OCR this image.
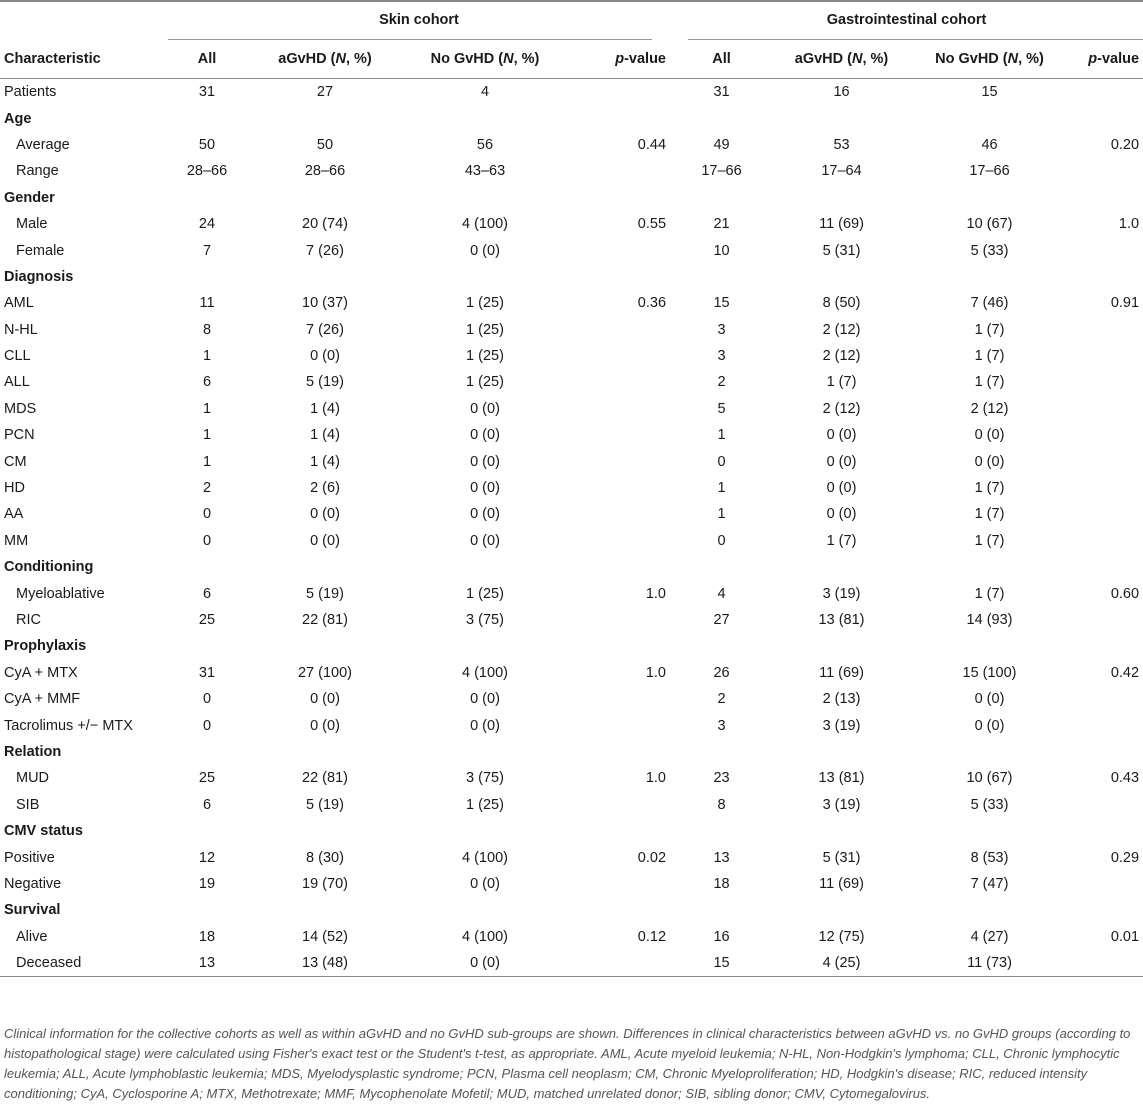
	Skin cohort				Gastrointestinal cohort			

Characteristic	All	aGvHD (N, %)	No GvHD (N, %)	p-value	All	aGvHD (N, %)	No GvHD (N, %)	p-value
Patients	31	27	4		31	16	15	
Age								
Average	50	50	56	0.44	49	53	46	0.20
Range	28–66	28–66	43–63		17–66	17–64	17–66	
Gender								
Male	24	20 (74)	4 (100)	0.55	21	11 (69)	10 (67)	1.0
Female	7	7 (26)	0 (0)		10	5 (31)	5 (33)	
Diagnosis								
AML	11	10 (37)	1 (25)	0.36	15	8 (50)	7 (46)	0.91
N-HL	8	7 (26)	1 (25)		3	2 (12)	1 (7)	
CLL	1	0 (0)	1 (25)		3	2 (12)	1 (7)	
ALL	6	5 (19)	1 (25)		2	1 (7)	1 (7)	
MDS	1	1 (4)	0 (0)		5	2 (12)	2 (12)	
PCN	1	1 (4)	0 (0)		1	0 (0)	0 (0)	
CM	1	1 (4)	0 (0)		0	0 (0)	0 (0)	
HD	2	2 (6)	0 (0)		1	0 (0)	1 (7)	
AA	0	0 (0)	0 (0)		1	0 (0)	1 (7)	
MM	0	0 (0)	0 (0)		0	1 (7)	1 (7)	
Conditioning								
Myeloablative	6	5 (19)	1 (25)	1.0	4	3 (19)	1 (7)	0.60
RIC	25	22 (81)	3 (75)		27	13 (81)	14 (93)	
Prophylaxis								
CyA + MTX	31	27 (100)	4 (100)	1.0	26	11 (69)	15 (100)	0.42
CyA + MMF	0	0 (0)	0 (0)		2	2 (13)	0 (0)	
Tacrolimus +/− MTX	0	0 (0)	0 (0)		3	3 (19)	0 (0)	
Relation								
MUD	25	22 (81)	3 (75)	1.0	23	13 (81)	10 (67)	0.43
SIB	6	5 (19)	1 (25)		8	3 (19)	5 (33)	
CMV status								
Positive	12	8 (30)	4 (100)	0.02	13	5 (31)	8 (53)	0.29
Negative	19	19 (70)	0 (0)		18	11 (69)	7 (47)	
Survival								
Alive	18	14 (52)	4 (100)	0.12	16	12 (75)	4 (27)	0.01
Deceased	13	13 (48)	0 (0)		15	4 (25)	11 (73)	
Clinical information for the collective cohorts as well as within aGvHD and no GvHD sub-groups are shown. Differences in clinical characteristics between aGvHD vs. no GvHD groups (according to histopathological stage) were calculated using Fisher's exact test or the Student's t-test, as appropriate. AML, Acute myeloid leukemia; N-HL, Non-Hodgkin's lymphoma; CLL, Chronic lymphocytic leukemia; ALL, Acute lymphoblastic leukemia; MDS, Myelodysplastic syndrome; PCN, Plasma cell neoplasm; CM, Chronic Myeloproliferation; HD, Hodgkin's disease; RIC, reduced intensity conditioning; CyA, Cyclosporine A; MTX, Methotrexate; MMF, Mycophenolate Mofetil; MUD, matched unrelated donor; SIB, sibling donor; CMV, Cytomegalovirus.
